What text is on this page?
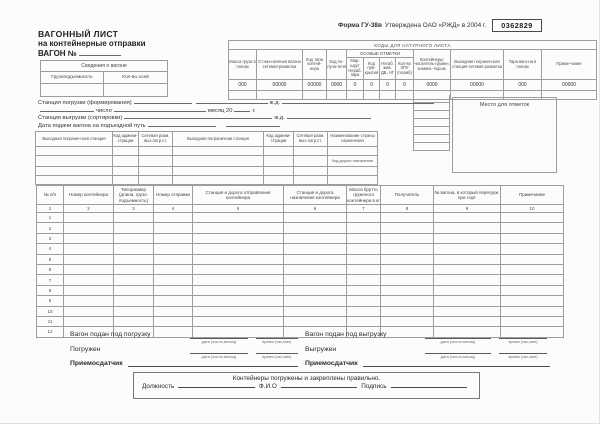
Форма ГУ-38в Утверждена ОАО «РЖД» в 2004 г.	0362829
ВАГОННЫЙ ЛИСТ
на контейнерные отправки
ВАГОН №
Сведения о вагоне	
Грузоподъемность	Кол-во осей

КОДЫ ДЛЯ НАТУРНОГО ЛИСТА											
Масса груза в тоннах	Ст.наз-начения вагона сетевая-разметка	Код типа контей-нера	Код по-луча-теля	ОСОБЫЕ ОТМЕТКИ				Контейнеры: числитель-гружен. знамен.-порож.	Выходная погранич-ная станция-сетевая разметка	Тара ваго-на в тоннах	Приме-чание
				Мар-шрут Нераб. парк	Код при-крытия	Негаб. жив. ДБ, НГ	Кол-во ЗПУ (пломб)				
000	00000	00000	0000	0	0	0	0	0000	00000	000	00000

Место для отметок
Станция погрузки (формирования)	ж.д.
число	месяц 20	г.
Станция выгрузки (сортировки)	ж.д.
Дата подачи вагона на подъездной путь
Выходная погранич-ная станция	Код админи-страции	Сетевая разм. вых.погр.ст.	Выходная пограничная станция	Код админи-страции	Сетевая разм. вых.погр.ст.	Наименование страны назначения

						Код дороги назначения

№ п/п	Номер контейнера	Типоразмер (длина, грузо-подъемность)	Номер отправки	Станция и дорога отправления контейнера	Станция и дорога назначения контейнера	Масса брутто груженого контейнера в кг	Получатель	№ вагона, в который перегруж. при сорт	Примечание
1	2	3	4	5	6	7	8	9	10
1									
2									
3									
4									
5									
6									
7									
8									
9									
10									
11									
12										Вагон подан под погрузку
дата (число,месяц)	время (час,мин)
Погружен
дата (число,месяц)	время (час,мин)
Приемосдатчик
Вагон подан под выгрузку
дата (число,месяц)	время (час,мин)
Выгружен
дата (число,месяц)	время (час,мин)
Приемосдатчик
Контейнеры погружены и закреплены правильно.
Должность	Ф.И.О	Подпись
